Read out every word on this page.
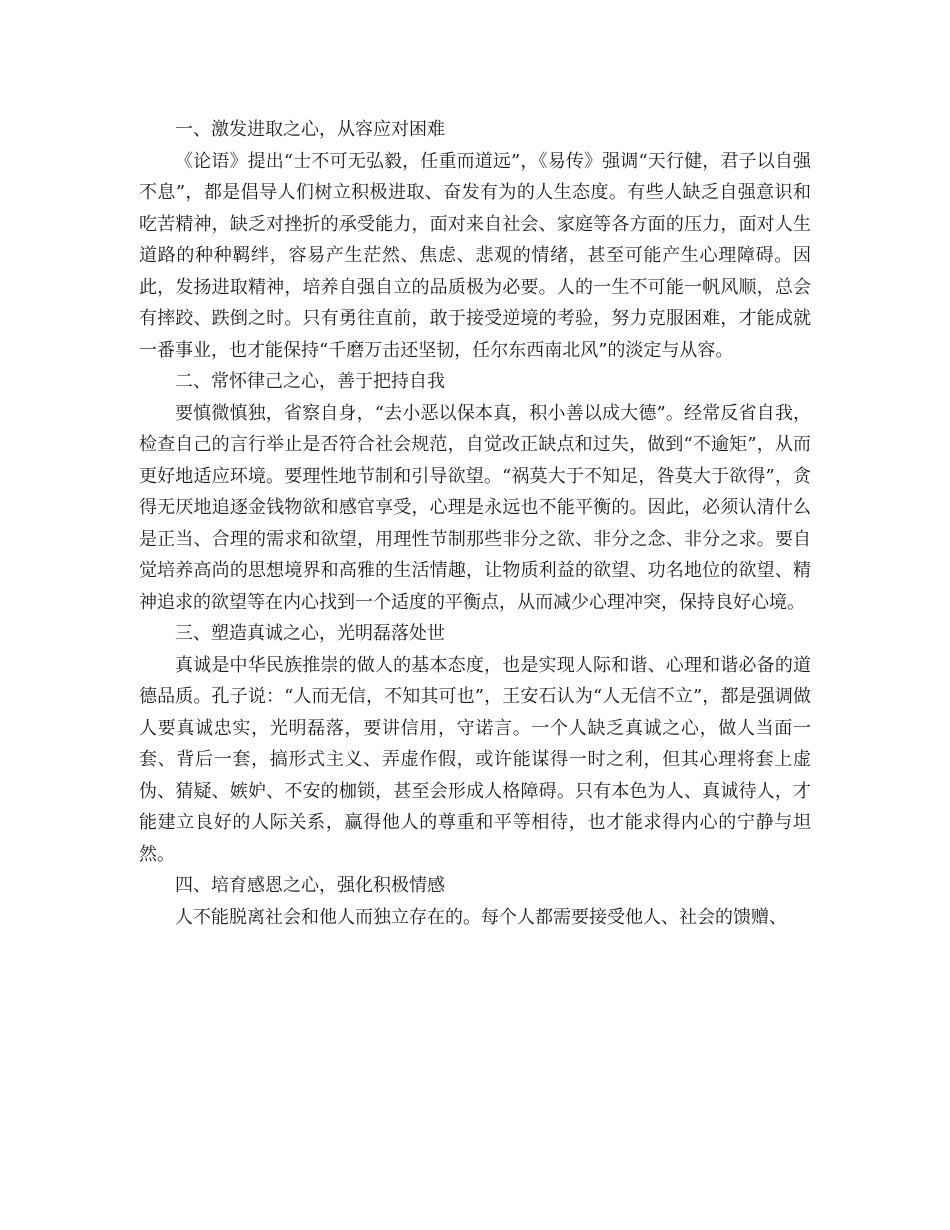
一、激发进取之心，从容应对困难

《论语》提出“士不可无弘毅，任重而道远”，《易传》强调“天行健，君子以自强不息”，都是倡导人们树立积极进取、奋发有为的人生态度。有些人缺乏自强意识和吃苦精神，缺乏对挫折的承受能力，面对来自社会、家庭等各方面的压力，面对人生道路的种种羁绊，容易产生茫然、焦虑、悲观的情绪，甚至可能产生心理障碍。因此，发扬进取精神，培养自强自立的品质极为必要。人的一生不可能一帆风顺，总会有摔跤、跌倒之时。只有勇往直前，敢于接受逆境的考验，努力克服困难，才能成就一番事业，也才能保持“千磨万击还坚韧，任尔东西南北风”的淡定与从容。

二、常怀律己之心，善于把持自我

要慎微慎独，省察自身，“去小恶以保本真，积小善以成大德”。经常反省自我，检查自己的言行举止是否符合社会规范，自觉改正缺点和过失，做到“不逾矩”，从而更好地适应环境。要理性地节制和引导欲望。“祸莫大于不知足，咎莫大于欲得”，贪得无厌地追逐金钱物欲和感官享受，心理是永远也不能平衡的。因此，必须认清什么是正当、合理的需求和欲望，用理性节制那些非分之欲、非分之念、非分之求。要自觉培养高尚的思想境界和高雅的生活情趣，让物质利益的欲望、功名地位的欲望、精神追求的欲望等在内心找到一个适度的平衡点，从而减少心理冲突，保持良好心境。

三、塑造真诚之心，光明磊落处世

真诚是中华民族推崇的做人的基本态度，也是实现人际和谐、心理和谐必备的道德品质。孔子说：“人而无信，不知其可也”，王安石认为“人无信不立”，都是强调做人要真诚忠实，光明磊落，要讲信用，守诺言。一个人缺乏真诚之心，做人当面一套、背后一套，搞形式主义、弄虚作假，或许能谋得一时之利，但其心理将套上虚伪、猜疑、嫉妒、不安的枷锁，甚至会形成人格障碍。只有本色为人、真诚待人，才能建立良好的人际关系，赢得他人的尊重和平等相待，也才能求得内心的宁静与坦然。

四、培育感恩之心，强化积极情感

人不能脱离社会和他人而独立存在的。每个人都需要接受他人、社会的馈赠、
